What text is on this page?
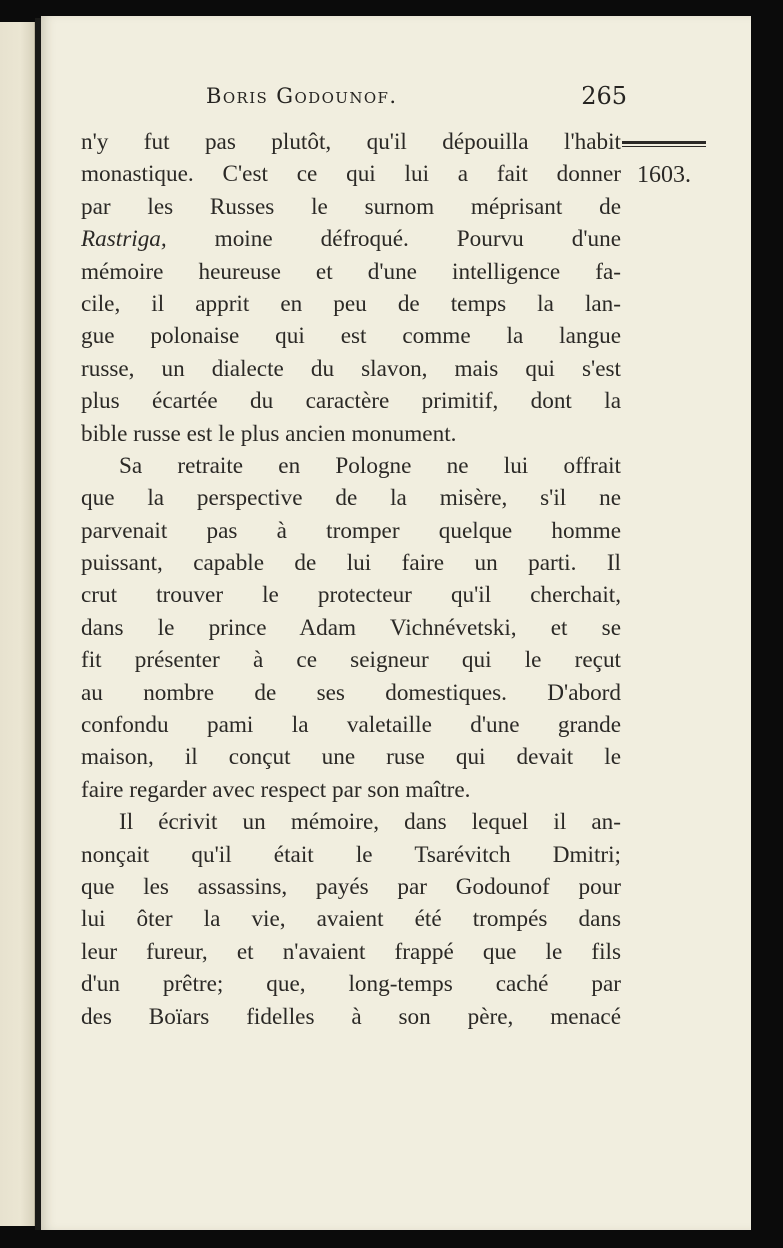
Boris Godounof.	265
1603.
n'y fut pas plutôt, qu'il dépouilla l'habit
monastique. C'est ce qui lui a fait donner
par les Russes le surnom méprisant de
Rastriga, moine défroqué. Pourvu d'une
mémoire heureuse et d'une intelligence fa-
cile, il apprit en peu de temps la lan-
gue polonaise qui est comme la langue
russe, un dialecte du slavon, mais qui s'est
plus écartée du caractère primitif, dont la
bible russe est le plus ancien monument.
Sa retraite en Pologne ne lui offrait
que la perspective de la misère, s'il ne
parvenait pas à tromper quelque homme
puissant, capable de lui faire un parti. Il
crut trouver le protecteur qu'il cherchait,
dans le prince Adam Vichnévetski, et se
fit présenter à ce seigneur qui le reçut
au nombre de ses domestiques. D'abord
confondu pami la valetaille d'une grande
maison, il conçut une ruse qui devait le
faire regarder avec respect par son maître.
Il écrivit un mémoire, dans lequel il an-
nonçait qu'il était le Tsarévitch Dmitri;
que les assassins, payés par Godounof pour
lui ôter la vie, avaient été trompés dans
leur fureur, et n'avaient frappé que le fils
d'un prêtre; que, long-temps caché par
des Boïars fidelles à son père, menacé
